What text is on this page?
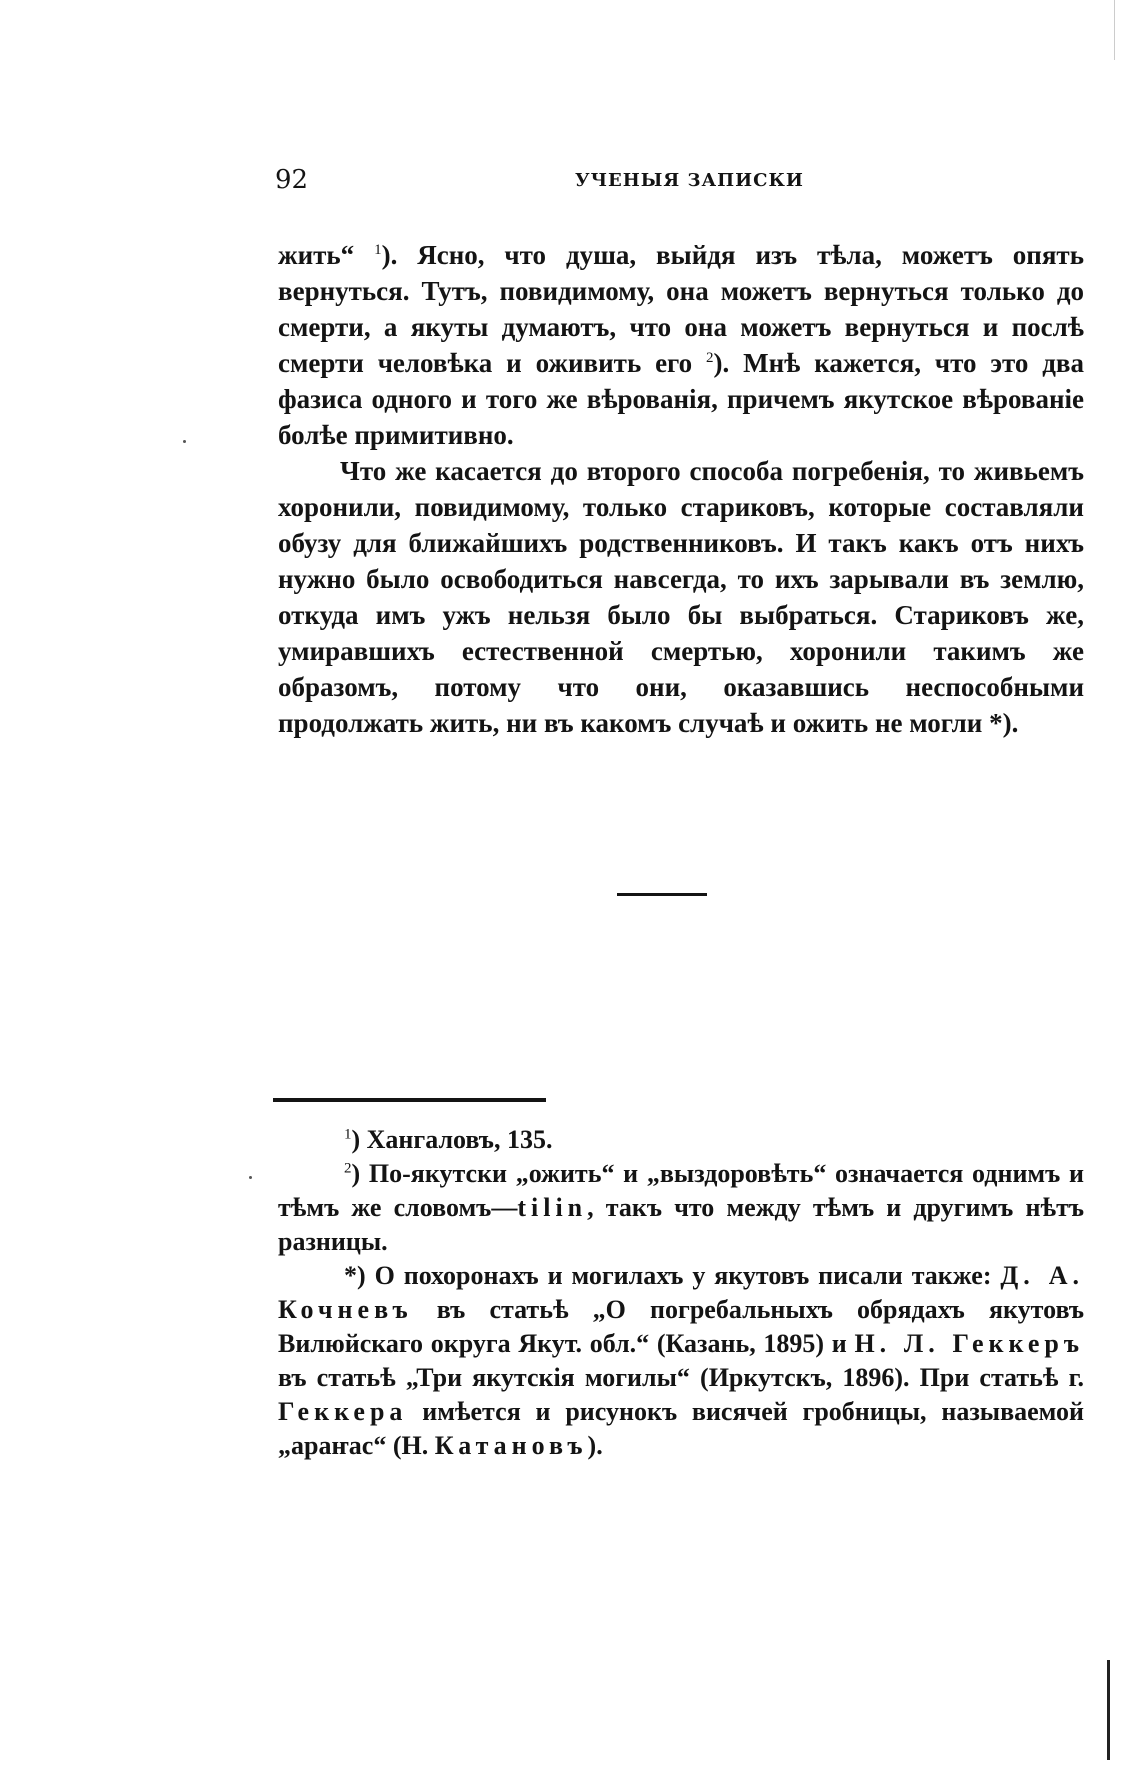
92	УЧЕНЫЯ ЗАПИСКИ

жить“ $^1$). Ясно, что душа, выйдя изъ тѣла, можетъ опять вернуться. Тутъ, повидимому, она можетъ вернуться только до смерти, а якуты думаютъ, что она можетъ вернуться и послѣ смерти человѣка и оживить его $^2$). Мнѣ кажется, что это два фазиса одного и того же вѣрованія, причемъ якутское вѣрованіе болѣе примитивно.

Что же касается до второго способа погребенія, то живьемъ хоронили, повидимому, только стариковъ, которые составляли обузу для ближайшихъ родственниковъ. И такъ какъ отъ нихъ нужно было освободиться навсегда, то ихъ зарывали въ землю, откуда имъ ужъ нельзя было бы выбраться. Стариковъ же, умиравшихъ естественной смертью, хоронили такимъ же образомъ, потому что они, оказавшись неспособными продолжать жить, ни въ какомъ случаѣ и ожить не могли *).

$^1$) Хангаловъ, 135.

$^2$) По-якутски „ожить“ и „выздоровѣть“ означается однимъ и тѣмъ же словомъ—tilin, такъ что между тѣмъ и другимъ нѣтъ разницы.

*) О похоронахъ и могилахъ у якутовъ писали также: Д. А. Кочневъ въ статьѣ „О погребальныхъ обрядахъ якутовъ Вилюйскаго округа Якут. обл.“ (Казань, 1895) и Н. Л. Геккеръ въ статьѣ „Три якутскія могилы“ (Иркутскъ, 1896). При статьѣ г. Геккера имѣется и рисунокъ висячей гробницы, называемой „араҥас“ (Н. Катановъ).
